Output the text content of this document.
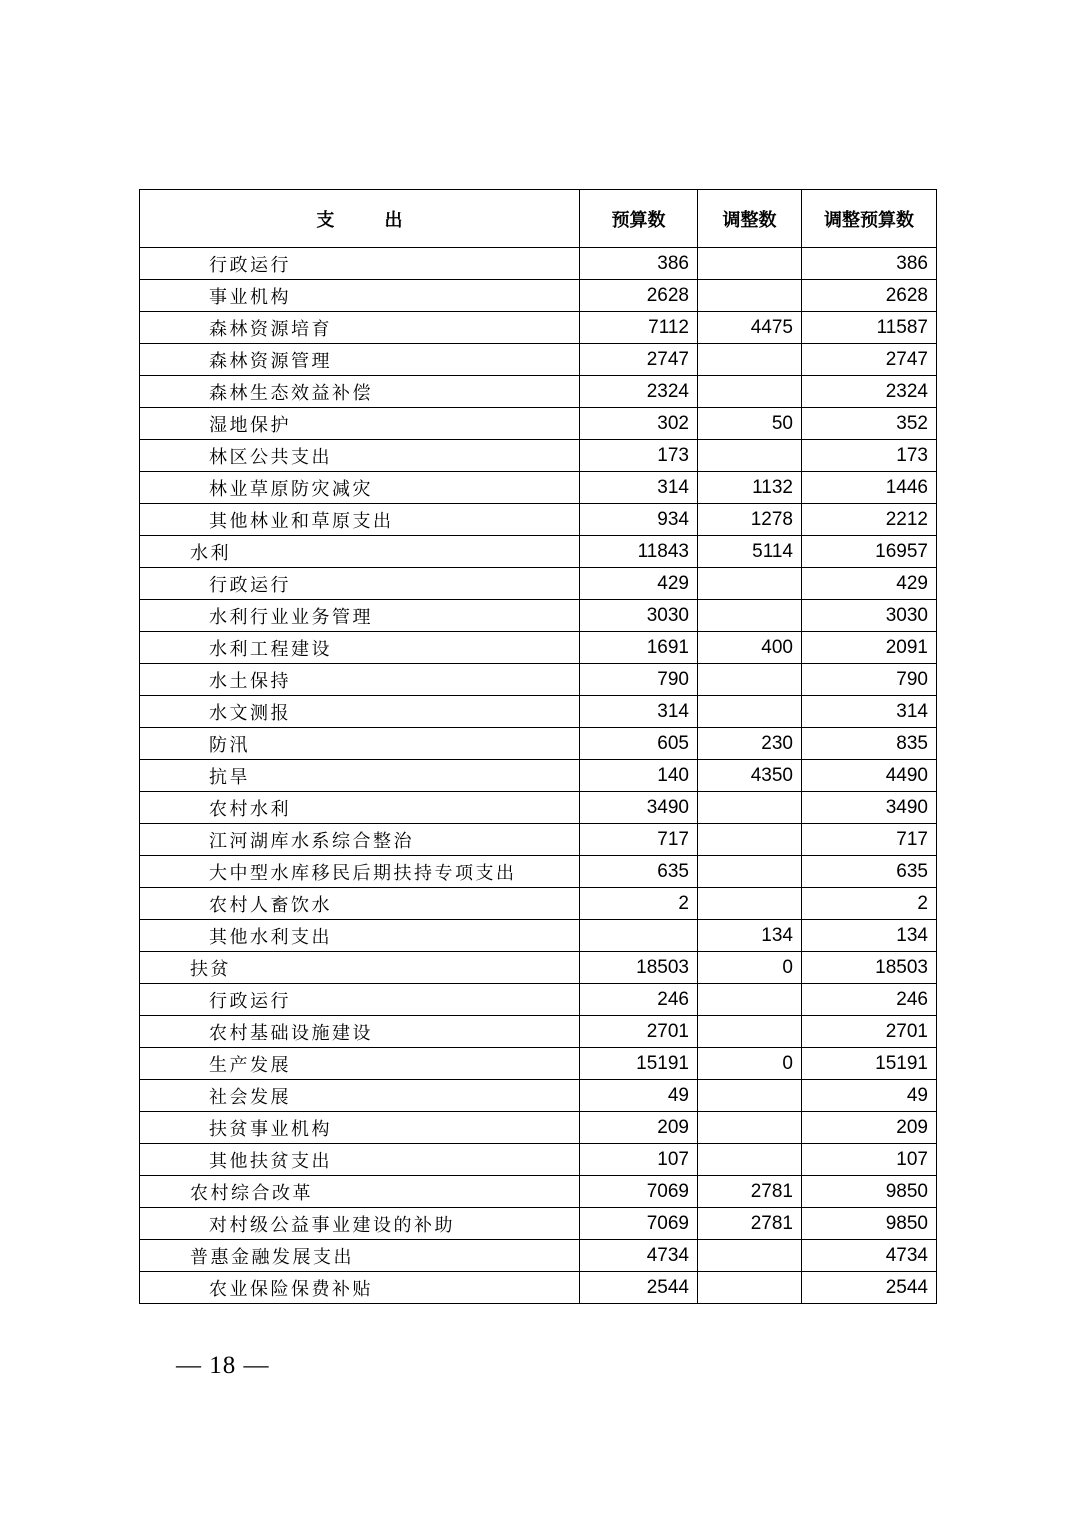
支        出	预算数	调整数	调整预算数
行政运行	386		386
事业机构	2628		2628
森林资源培育	7112	4475	11587
森林资源管理	2747		2747
森林生态效益补偿	2324		2324
湿地保护	302	50	352
林区公共支出	173		173
林业草原防灾减灾	314	1132	1446
其他林业和草原支出	934	1278	2212
水利	11843	5114	16957
行政运行	429		429
水利行业业务管理	3030		3030
水利工程建设	1691	400	2091
水土保持	790		790
水文测报	314		314
防汛	605	230	835
抗旱	140	4350	4490
农村水利	3490		3490
江河湖库水系综合整治	717		717
大中型水库移民后期扶持专项支出	635		635
农村人畜饮水	2		2
其他水利支出		134	134
扶贫	18503	0	18503
行政运行	246		246
农村基础设施建设	2701		2701
生产发展	15191	0	15191
社会发展	49		49
扶贫事业机构	209		209
其他扶贫支出	107		107
农村综合改革	7069	2781	9850
对村级公益事业建设的补助	7069	2781	9850
普惠金融发展支出	4734		4734
农业保险保费补贴	2544		2544
— 18 —
